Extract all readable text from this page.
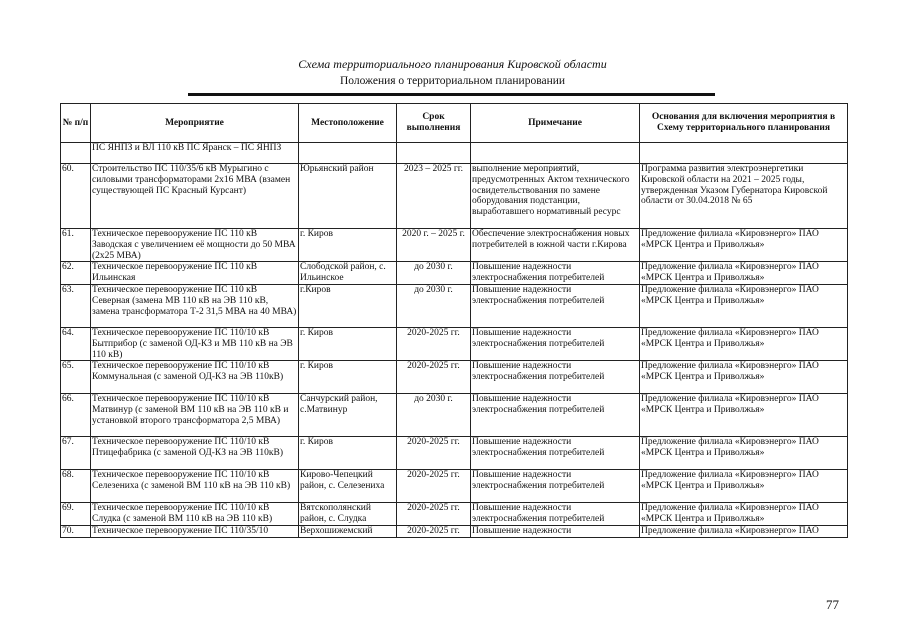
Схема территориального планирования Кировской области
Положения о территориальном планировании
№ п/п	Мероприятие	Местоположение	Срок выполнения	Примечание	Основания для включения мероприятия в Схему территориального планирования
	ПС ЯНПЗ и ВЛ 110 кВ ПС Яранск – ПС ЯНПЗ				
60.	Строительство ПС 110/35/6 кВ Мурыгино с силовыми трансформаторами 2х16 МВА (взамен существующей ПС Красный Курсант)	Юрьянский район	2023 – 2025 гг.	выполнение мероприятий, предусмотренных Актом технического освидетельствования по замене оборудования подстанции, выработавшего нормативный ресурс	Программа развития электроэнергетики Кировской области на 2021 – 2025 годы, утвержденная Указом Губернатора Кировской области от 30.04.2018 № 65
61.	Техническое перевооружение ПС 110 кВ Заводская с увеличением её мощности до 50 МВА (2х25 МВА)	г. Киров	2020 г. – 2025 г.	Обеспечение электроснабжения новых потребителей в южной части г.Кирова	Предложение филиала «Кировэнерго» ПАО «МРСК Центра и Приволжья»
62.	Техническое перевооружение ПС 110 кВ Ильинская	Слободской район, с. Ильинское	до 2030 г.	Повышение надежности электроснабжения потребителей	Предложение филиала «Кировэнерго» ПАО «МРСК Центра и Приволжья»
63.	Техническое перевооружение ПС 110 кВ Северная (замена МВ 110 кВ на ЭВ 110 кВ, замена трансформатора Т-2 31,5 МВА на 40 МВА)	г.Киров	до 2030 г.	Повышение надежности электроснабжения потребителей	Предложение филиала «Кировэнерго» ПАО «МРСК Центра и Приволжья»
64.	Техническое перевооружение ПС 110/10 кВ Бытприбор (с заменой ОД-КЗ и МВ 110 кВ на ЭВ 110 кВ)	г. Киров	2020-2025 гг.	Повышение надежности электроснабжения потребителей	Предложение филиала «Кировэнерго» ПАО «МРСК Центра и Приволжья»
65.	Техническое перевооружение ПС 110/10 кВ Коммунальная (с заменой ОД-КЗ на ЭВ 110кВ)	г. Киров	2020-2025 гг.	Повышение надежности электроснабжения потребителей	Предложение филиала «Кировэнерго» ПАО «МРСК Центра и Приволжья»
66.	Техническое перевооружение ПС 110/10 кВ Матвинур (с заменой ВМ 110 кВ на ЭВ 110 кВ и установкой второго трансформатора 2,5 МВА)	Санчурский район, с.Матвинур	до 2030 г.	Повышение надежности электроснабжения потребителей	Предложение филиала «Кировэнерго» ПАО «МРСК Центра и Приволжья»
67.	Техническое перевооружение ПС 110/10 кВ Птицефабрика (с заменой ОД-КЗ на ЭВ 110кВ)	г. Киров	2020-2025 гг.	Повышение надежности электроснабжения потребителей	Предложение филиала «Кировэнерго» ПАО «МРСК Центра и Приволжья»
68.	Техническое перевооружение ПС 110/10 кВ Селезениха (с заменой ВМ 110 кВ на ЭВ 110 кВ)	Кирово-Чепецкий район, с. Селезениха	2020-2025 гг.	Повышение надежности электроснабжения потребителей	Предложение филиала «Кировэнерго» ПАО «МРСК Центра и Приволжья»
69.	Техническое перевооружение ПС 110/10 кВ Слудка (с заменой ВМ 110 кВ на ЭВ 110 кВ)	Вятскополянский район, с. Слудка	2020-2025 гг.	Повышение надежности электроснабжения потребителей	Предложение филиала «Кировэнерго» ПАО «МРСК Центра и Приволжья»
70.	Техническое перевооружение ПС 110/35/10	Верхошижемский	2020-2025 гг.	Повышение надежности	Предложение филиала «Кировэнерго» ПАО
77
